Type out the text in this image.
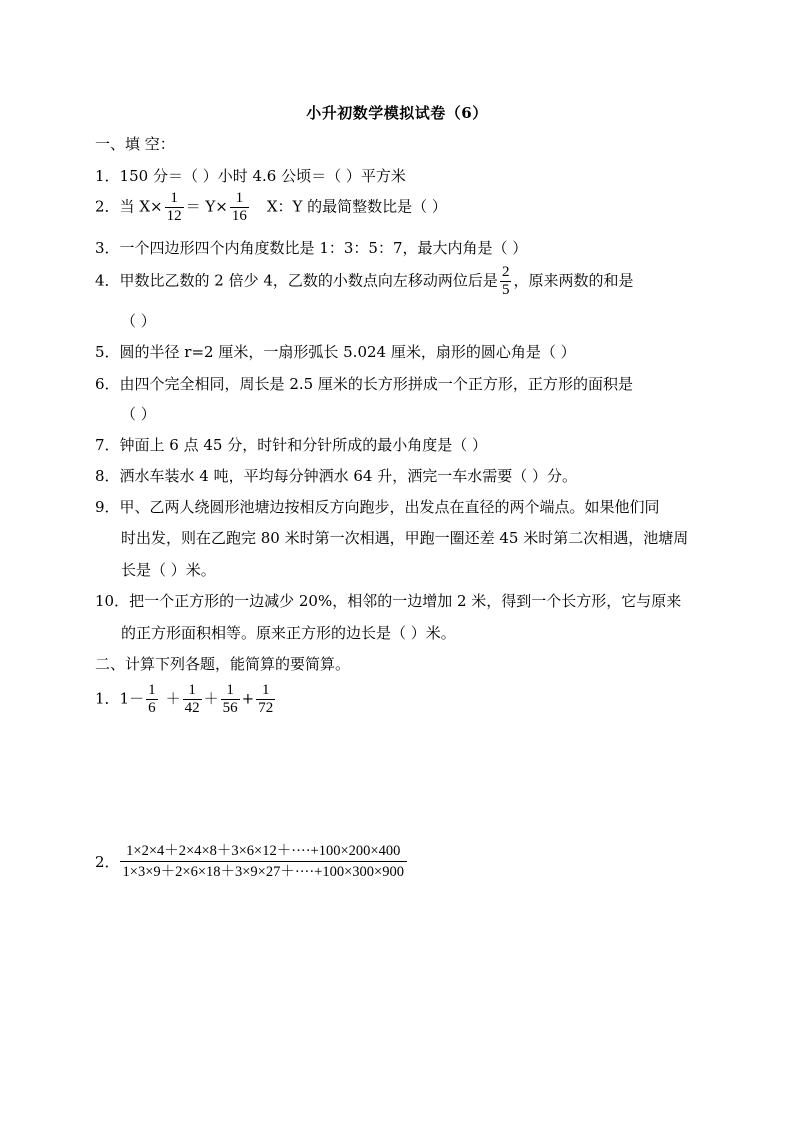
小升初数学模拟试卷（6）
一、填 空：
1．150 分＝（ ）小时 4.6 公顷＝（ ）平方米
2．当 $X\times \frac{1}{12} = Y\times \frac{1}{16}$ X：Y 的最简整数比是（ ）
3．一个四边形四个内角度数比是 1：3：5：7，最大内角是（ ）
4．甲数比乙数的 2 倍少 4，乙数的小数点向左移动两位后是 $\frac{2}{5}$ ，原来两数的和是
（ ）
5．圆的半径 r=2 厘米，一扇形弧长 5.024 厘米，扇形的圆心角是（ ）
6．由四个完全相同，周长是 2.5 厘米的长方形拼成一个正方形，正方形的面积是
（ ）
7．钟面上 6 点 45 分，时针和分针所成的最小角度是（ ）
8．洒水车装水 4 吨，平均每分钟洒水 64 升，洒完一车水需要（ ）分。
9．甲、乙两人绕圆形池塘边按相反方向跑步，出发点在直径的两个端点。如果他们同
时出发，则在乙跑完 80 米时第一次相遇，甲跑一圈还差 45 米时第二次相遇，池塘周
长是（ ）米。
10．把一个正方形的一边减少 20%，相邻的一边增加 2 米，得到一个长方形，它与原来
的正方形面积相等。原来正方形的边长是（ ）米。
二、计算下列各题，能简算的要简算。
1．$1- \frac{1}{6} + \frac{1}{42} + \frac{1}{56} + \frac{1}{72}$
2． $\frac{1\times 2\times 4+2\times 4\times 8+3\times 6\times 12+\cdot\cdot\cdot\cdot+100\times 200\times 400}{1\times 3\times 9+2\times 6\times 18+3\times 9\times 27+\cdot\cdot\cdot\cdot+100\times 300\times 900}$
